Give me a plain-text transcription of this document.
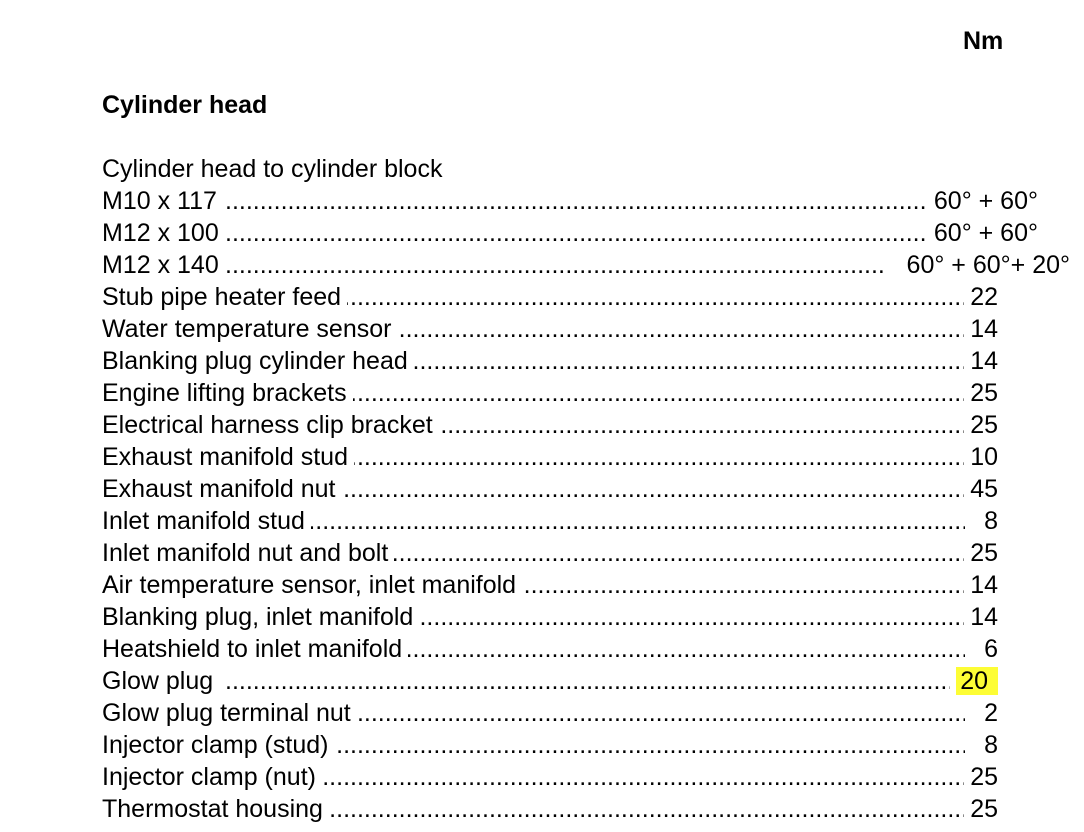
Nm
Cylinder head
Cylinder head to cylinder block
M10 x 117 .....	60° + 60°
M12 x 100 .....	60° + 60°
M12 x 140 .....	60° + 60°+ 20°
Stub pipe heater feed .....	22
Water temperature sensor .....	14
Blanking plug cylinder head .....	14
Engine lifting brackets .....	25
Electrical harness clip bracket .....	25
Exhaust manifold stud .....	10
Exhaust manifold nut .....	45
Inlet manifold stud .....	8
Inlet manifold nut and bolt .....	25
Air temperature sensor, inlet manifold .....	14
Blanking plug, inlet manifold .....	14
Heatshield to inlet manifold .....	6
Glow plug .....	20
Glow plug terminal nut .....	2
Injector clamp (stud) .....	8
Injector clamp (nut) .....	25
Thermostat housing .....	25
